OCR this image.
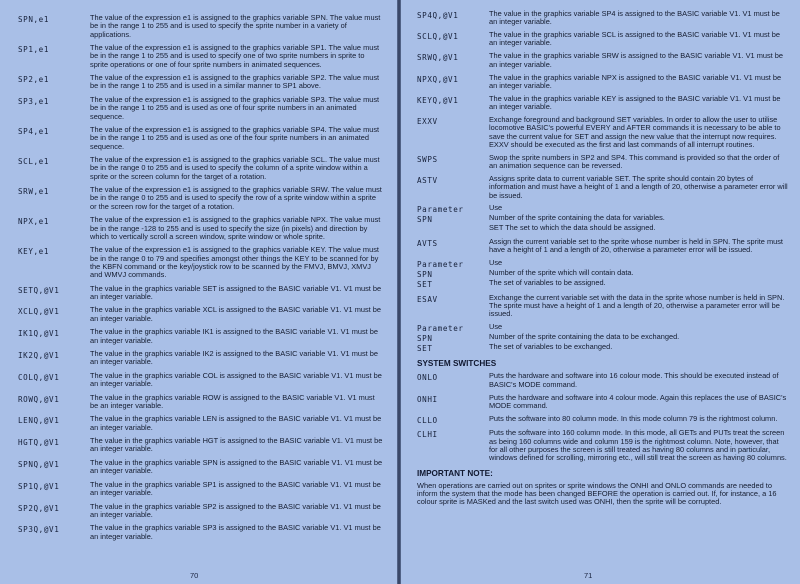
SPN,e1	The value of the expression e1 is assigned to the graphics variable SPN. The value must be in the range 1 to 255 and is used to specify the sprite number in a variety of applications.
SP1,e1	The value of the expression e1 is assigned to the graphics variable SP1. The value must be in the range 1 to 255 and is used to specify one of two sprite numbers in sprite to sprite operations or one of four sprite numbers in animated sequences.
SP2,e1	The value of the expression e1 is assigned to the graphics variable SP2. The value must be in the range 1 to 255 and is used in a similar manner to SP1 above.
SP3,e1	The value of the expression e1 is assigned to the graphics variable SP3. The value must be in the range 1 to 255 and is used as one of four sprite numbers in an animated sequence.
SP4,e1	The value of the expression e1 is assigned to the graphics variable SP4. The value must be in the range 1 to 255 and is used as one of the four sprite numbers in an animated sequence.
SCL,e1	The value of the expression e1 is assigned to the graphics variable SCL. The value must be in the range 0 to 255 and is used to specify the column of a sprite window within a sprite or the screen column for the target of a rotation.
SRW,e1	The value of the expression e1 is assigned to the graphics variable SRW. The value must be in the range 0 to 255 and is used to specify the row of a sprite window within a sprite or the screen row for the target of a rotation.
NPX,e1	The value of the expression e1 is assigned to the graphics variable NPX. The value must be in the range -128 to 255 and is used to specify the size (in pixels) and direction by which to vertically scroll a screen window, sprite window or whole sprite.
KEY,e1	The value of the expression e1 is assigned to the graphics variable KEY. The value must be in the range 0 to 79 and specifies amongst other things the KEY to be scanned for by the KBFN command or the key/joystick row to be scanned by the FMVJ, BMVJ, XMVJ and WMVJ commands.
SETQ,@V1	The value in the graphics variable SET is assigned to the BASIC variable V1. V1 must be an integer variable.
XCLQ,@V1	The value in the graphics variable XCL is assigned to the BASIC variable V1. V1 must be an integer variable.
IK1Q,@V1	The value in the graphics variable IK1 is assigned to the BASIC variable V1. V1 must be an integer variable.
IK2Q,@V1	The value in the graphics variable IK2 is assigned to the BASIC variable V1. V1 must be an integer variable.
COLQ,@V1	The value in the graphics variable COL is assigned to the BASIC variable V1. V1 must be an integer variable.
ROWQ,@V1	The value in the graphics variable ROW is assigned to the BASIC variable V1. V1 must be an integer variable.
LENQ,@V1	The value in the graphics variable LEN is assigned to the BASIC variable V1. V1 must be an integer variable.
HGTQ,@V1	The value in the graphics variable HGT is assigned to the BASIC variable V1. V1 must be an integer variable.
SPNQ,@V1	The value in the graphics variable SPN is assigned to the BASIC variable V1. V1 must be an integer variable.
SP1Q,@V1	The value in the graphics variable SP1 is assigned to the BASIC variable V1. V1 must be an integer variable.
SP2Q,@V1	The value in the graphics variable SP2 is assigned to the BASIC variable V1. V1 must be an integer variable.
SP3Q,@V1	The value in the graphics variable SP3 is assigned to the BASIC variable V1. V1 must be an integer variable.
70
SP4Q,@V1	The value in the graphics variable SP4 is assigned to the BASIC variable V1. V1 must be an integer variable.
SCLQ,@V1	The value in the graphics variable SCL is assigned to the BASIC variable V1. V1 must be an integer variable.
SRWQ,@V1	The value in the graphics variable SRW is assigned to the BASIC variable V1. V1 must be an integer variable.
NPXQ,@V1	The value in the graphics variable NPX is assigned to the BASIC variable V1. V1 must be an integer variable.
KEYQ,@V1	The value in the graphics variable KEY is assigned to the BASIC variable V1. V1 must be an integer variable.
EXXV	Exchange foreground and background SET variables. In order to allow the user to utilise locomotive BASIC's powerful EVERY and AFTER commands it is necessary to be able to save the current value for SET and assign the new value that the interrupt now requires. EXXV should be executed as the first and last commands of all interrupt routines.
SWPS	Swop the sprite numbers in SP2 and SP4. This command is provided so that the order of an animation sequence can be reversed.
ASTV	Assigns sprite data to current variable SET. The sprite should contain 20 bytes of information and must have a height of 1 and a length of 20, otherwise a parameter error will be issued.
Parameter	Use
SPN	Number of the sprite containing the data for variables.
SET The set to which the data should be assigned.
AVTS	Assign the current variable set to the sprite whose number is held in SPN. The sprite must have a height of 1 and a length of 20, otherwise a parameter error will be issued.
Parameter	Use
SPN	Number of the sprite which will contain data.
SET	The set of variables to be assigned.
ESAV	Exchange the current variable set with the data in the sprite whose number is held in SPN. The sprite must have a height of 1 and a length of 20, otherwise a parameter error will be issued.
Parameter	Use
SPN	Number of the sprite containing the data to be exchanged.
SET	The set of variables to be exchanged.
SYSTEM SWITCHES
ONLO	Puts the hardware and software into 16 colour mode. This should be executed instead of BASIC's MODE command.
ONHI	Puts the hardware and software into 4 colour mode. Again this replaces the use of BASIC's MODE command.
CLLO	Puts the software into 80 column mode. In this mode column 79 is the rightmost column.
CLHI	Puts the software into 160 column mode. In this mode, all GETs and PUTs treat the screen as being 160 columns wide and column 159 is the rightmost column. Note, however, that for all other purposes the screen is still treated as having 80 columns and in particular, windows defined for scrolling, mirroring etc., will still treat the screen as having 80 columns.
IMPORTANT NOTE:
When operations are carried out on sprites or sprite windows the ONHI and ONLO commands are needed to inform the system that the mode has been changed BEFORE the operation is carried out. If, for instance, a 16 colour sprite is MASKed and the last switch used was ONHI, then the sprite will be corrupted.
71
